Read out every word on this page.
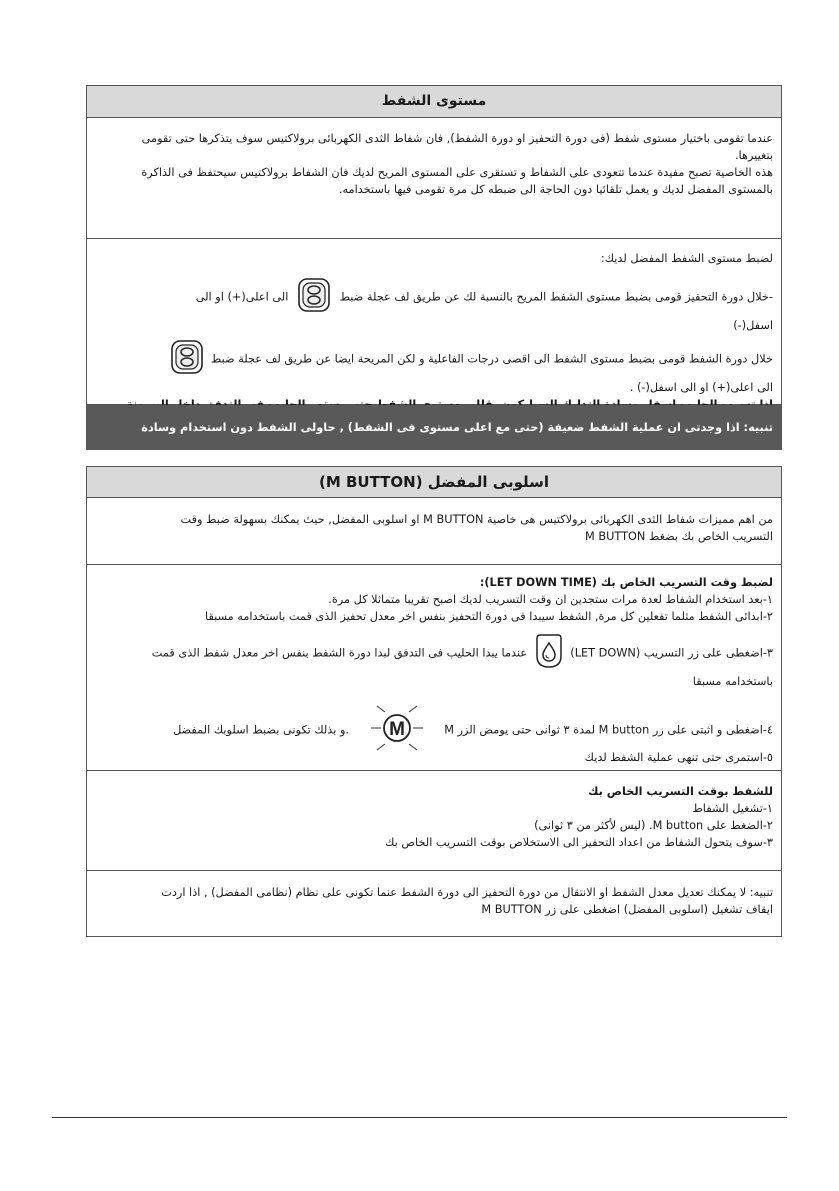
مستوى الشفط

عندما تقومى باختيار مستوى شفط (فى دورة التحفيز او دورة الشفط), فان شفاط الثدى الكهربائى برولاكتيس سوف يتذكرها حتى تقومى

بتغييرها.

هذه الخاصية تصبح مفيدة عندما تتعودى على الشفاط و تستقرى على المستوى المريح لديك فان الشفاط برولاكتيس سيحتفظ فى الذاكرة

بالمستوى المفضل لديك و يعمل تلقائيا دون الحاجة الى ضبطه كل مرة تقومى فيها باستخدامه.

لضبط مستوى الشفط المفضل لديك:

-خلال دورة التحفيز قومى بضبط مستوى الشفط المريح بالنسبة لك عن طريق لف عجلة ضبط  الى اعلى(+) او الى

اسفل(-)

خلال دورة الشفط قومى بضبط مستوى الشفط الى اقصى درجات الفاعلية و لكن المريحة ايضا عن طريق لف عجلة ضبط

الى اعلى(+) او الى اسفل(-) .

تنبيه: اذا وجدتى ان عملية الشفط ضعيفة (حتى مع اعلى مستوى فى الشفط) , حاولى الشفط دون استخدام وسادة
اسلوبى المفضل (M BUTTON)

من اهم مميزات شفاط الثدى الكهربائى برولاكتيس هى خاصية M BUTTON او اسلوبى المفضل, حيث يمكنك بسهولة ضبط وقت

التسريب الخاص بك بضغط M BUTTON

لضبط وقت التسريب الخاص بك (LET DOWN TIME):

١-بعد استخدام الشفاط لعدة مرات ستجدين ان وقت التسريب لديك اصبح تقريبا متماثلا كل مرة.

٢-ابدائى الشفط مثلما تفعلين كل مرة, الشفط سيبدا فى دورة التحفيز بنفس اخر معدل تحفيز الذى قمت باستخدامه مسبقا

٣-اضغطى على زر التسريب (LET DOWN)  عندما يبدا الحليب فى التدفق لبدا دورة الشفط بنفس اخر معدل شفط الذى قمت

باستخدامه مسبقا

٤-اضغطى و اثبتى على زر M button لمدة ٣ ثوانى حتى يومض الزر M
M
.و بذلك تكونى بضبط اسلوبك المفضل

٥-استمرى حتى تنهى عملية الشفط لديك

للشفط بوقت التسريب الخاص بك

١-تشغيل الشفاط

٢-الضغط على M button. (ليس لأكثر من ٣ ثوانى)

٣-سوف يتحول الشفاط من اعداد التحفيز الى الاستخلاص بوقت التسريب الخاص بك

تنبيه: لا يمكنك تعديل معدل الشفط او الانتقال من دورة التحفيز الى دورة الشفط عنما تكونى على نظام (نظامى المفضل) , اذا اردت

ايقاف تشغيل (اسلوبى المفضل) اضغطى على زر M BUTTON
